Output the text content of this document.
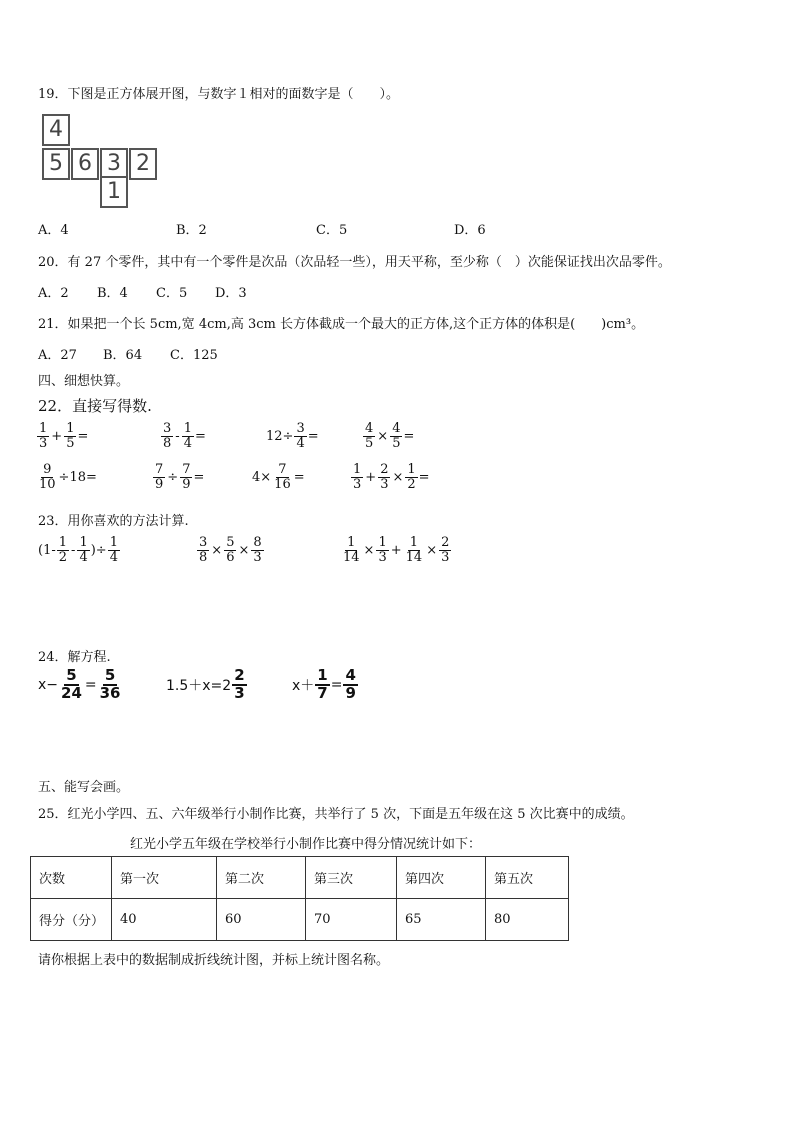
19．下图是正方体展开图，与数字１相对的面数字是（　　）。
4
5 6 3 2
1
A．4	B．2	C．5	D．6
20．有 27 个零件，其中有一个零件是次品（次品轻一些），用天平称，至少称（　）次能保证找出次品零件。
A．2 B．4 C．5 D．3
21．如果把一个长 5cm,宽 4cm,高 3cm 长方体截成一个最大的正方体,这个正方体的体积是(　　)cm³。
A．27 B．64 C．125
四、细想快算。
22．直接写得数.
1
$3 + \frac{1}{5}$ =
3
$8 - \frac{1}{4}$ =	$12\div \frac{3}{4}$ =	$\frac{4}{5} \times \frac{4}{5}$ =
$\frac{9}{10} \div 18=$	$\frac{7}{9} \div \frac{7}{9}$ =	$4\times \frac{7}{16}$ =
1
$3 + \frac{2}{3} \times \frac{1}{2}$ =
23．用你喜欢的方法计算.
(1-
1
2 -
1
4 )÷ $\frac{1}{4}$	$\frac{3}{8} \times \frac{5}{6} \times \frac{8}{3}$	$\frac{1}{14} \times \frac{1}{3} + \frac{1}{14} \times \frac{2}{3}$
24．解方程.
$x- \frac{5}{24} = \frac{5}{36}$	1.5＋x=2
2
3	$x+ \frac{1}{7} = \frac{4}{9}$
五、能写会画。
25．红光小学四、五、六年级举行小制作比赛，共举行了 5 次，下面是五年级在这 5 次比赛中的成绩。
红光小学五年级在学校举行小制作比赛中得分情况统计如下：
次数	第一次	第二次	第三次	第四次	第五次
得分（分）	40	60	70	65	80
请你根据上表中的数据制成折线统计图，并标上统计图名称。
